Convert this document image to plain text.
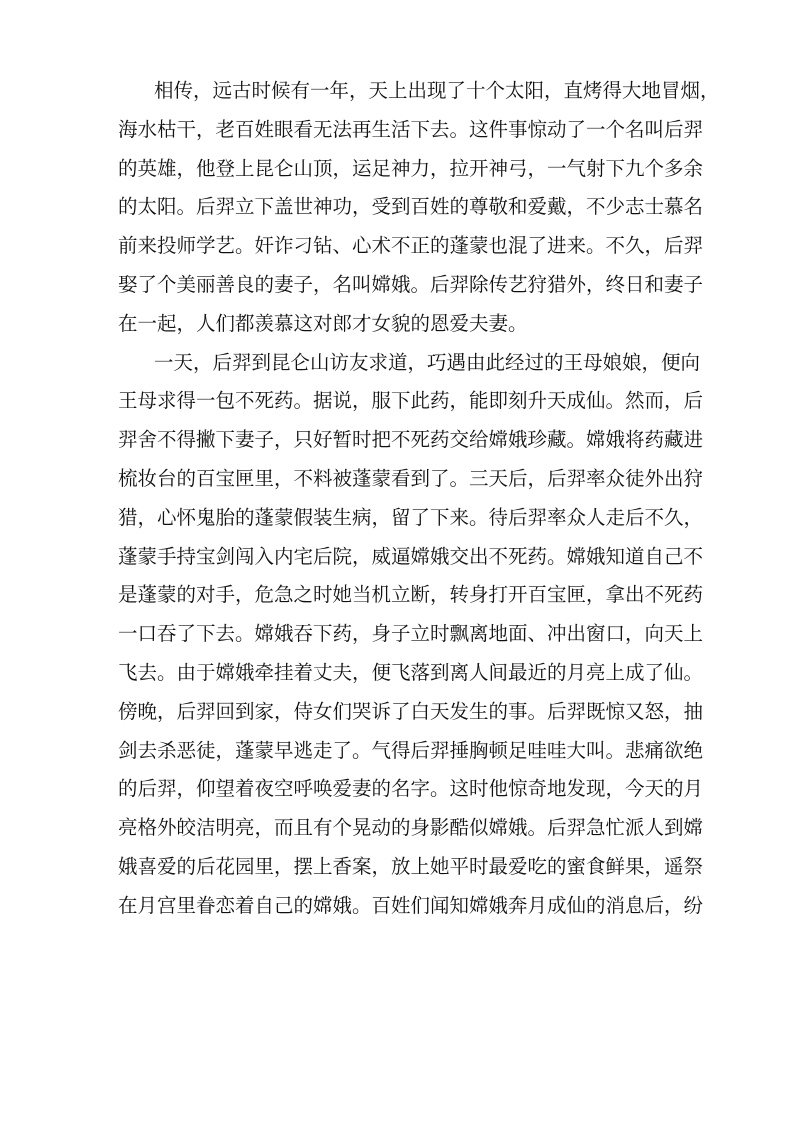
相传，远古时候有一年，天上出现了十个太阳，直烤得大地冒烟，
海水枯干，老百姓眼看无法再生活下去。这件事惊动了一个名叫后羿
的英雄，他登上昆仑山顶，运足神力，拉开神弓，一气射下九个多余
的太阳。后羿立下盖世神功，受到百姓的尊敬和爱戴，不少志士慕名
前来投师学艺。奸诈刁钻、心术不正的蓬蒙也混了进来。不久，后羿
娶了个美丽善良的妻子，名叫嫦娥。后羿除传艺狩猎外，终日和妻子
在一起，人们都羡慕这对郎才女貌的恩爱夫妻。
一天，后羿到昆仑山访友求道，巧遇由此经过的王母娘娘，便向
王母求得一包不死药。据说，服下此药，能即刻升天成仙。然而，后
羿舍不得撇下妻子，只好暂时把不死药交给嫦娥珍藏。嫦娥将药藏进
梳妆台的百宝匣里，不料被蓬蒙看到了。三天后，后羿率众徒外出狩
猎，心怀鬼胎的蓬蒙假装生病，留了下来。待后羿率众人走后不久，
蓬蒙手持宝剑闯入内宅后院，威逼嫦娥交出不死药。嫦娥知道自己不
是蓬蒙的对手，危急之时她当机立断，转身打开百宝匣，拿出不死药
一口吞了下去。嫦娥吞下药，身子立时飘离地面、冲出窗口，向天上
飞去。由于嫦娥牵挂着丈夫，便飞落到离人间最近的月亮上成了仙。
傍晚，后羿回到家，侍女们哭诉了白天发生的事。后羿既惊又怒，抽
剑去杀恶徒，蓬蒙早逃走了。气得后羿捶胸顿足哇哇大叫。悲痛欲绝
的后羿，仰望着夜空呼唤爱妻的名字。这时他惊奇地发现，今天的月
亮格外皎洁明亮，而且有个晃动的身影酷似嫦娥。后羿急忙派人到嫦
娥喜爱的后花园里，摆上香案，放上她平时最爱吃的蜜食鲜果，遥祭
在月宫里眷恋着自己的嫦娥。百姓们闻知嫦娥奔月成仙的消息后，纷
